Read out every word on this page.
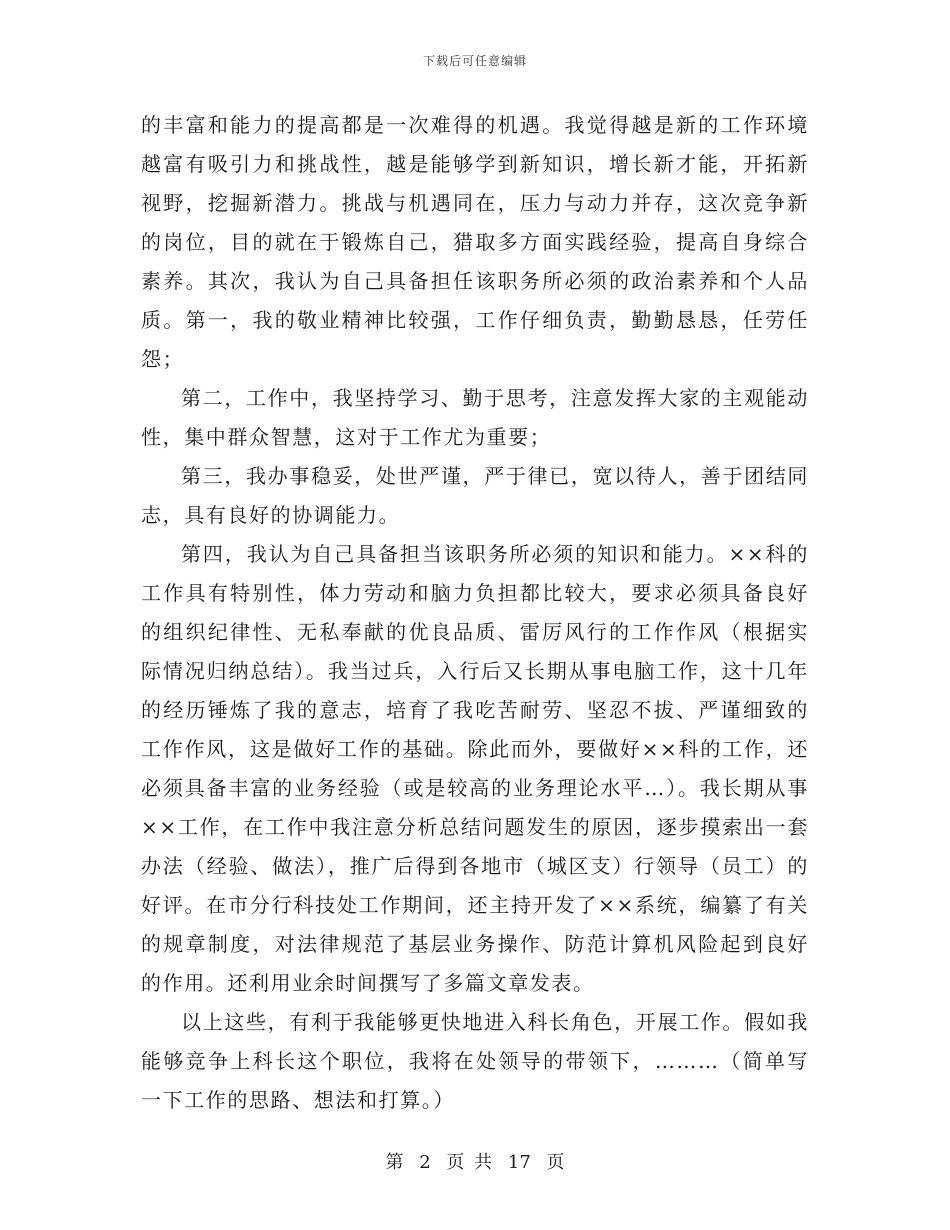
下载后可任意编辑

的丰富和能力的提高都是一次难得的机遇。我觉得越是新的工作环境越富有吸引力和挑战性，越是能够学到新知识，增长新才能，开拓新视野，挖掘新潜力。挑战与机遇同在，压力与动力并存，这次竞争新的岗位，目的就在于锻炼自己，猎取多方面实践经验，提高自身综合素养。其次，我认为自己具备担任该职务所必须的政治素养和个人品质。第一，我的敬业精神比较强，工作仔细负责，勤勤恳恳，任劳任怨；

第二，工作中，我坚持学习、勤于思考，注意发挥大家的主观能动性，集中群众智慧，这对于工作尤为重要；

第三，我办事稳妥，处世严谨，严于律已，宽以待人，善于团结同志，具有良好的协调能力。

第四，我认为自己具备担当该职务所必须的知识和能力。××科的工作具有特别性，体力劳动和脑力负担都比较大，要求必须具备良好的组织纪律性、无私奉献的优良品质、雷厉风行的工作作风（根据实际情况归纳总结）。我当过兵，入行后又长期从事电脑工作，这十几年的经历锤炼了我的意志，培育了我吃苦耐劳、坚忍不拔、严谨细致的工作作风，这是做好工作的基础。除此而外，要做好××科的工作，还必须具备丰富的业务经验（或是较高的业务理论水平…）。我长期从事××工作，在工作中我注意分析总结问题发生的原因，逐步摸索出一套办法（经验、做法），推广后得到各地市（城区支）行领导（员工）的好评。在市分行科技处工作期间，还主持开发了××系统，编纂了有关的规章制度，对法律规范了基层业务操作、防范计算机风险起到良好的作用。还利用业余时间撰写了多篇文章发表。

以上这些，有利于我能够更快地进入科长角色，开展工作。假如我能够竞争上科长这个职位，我将在处领导的带领下，………（简单写一下工作的思路、想法和打算。）

第 2 页 共 17 页
